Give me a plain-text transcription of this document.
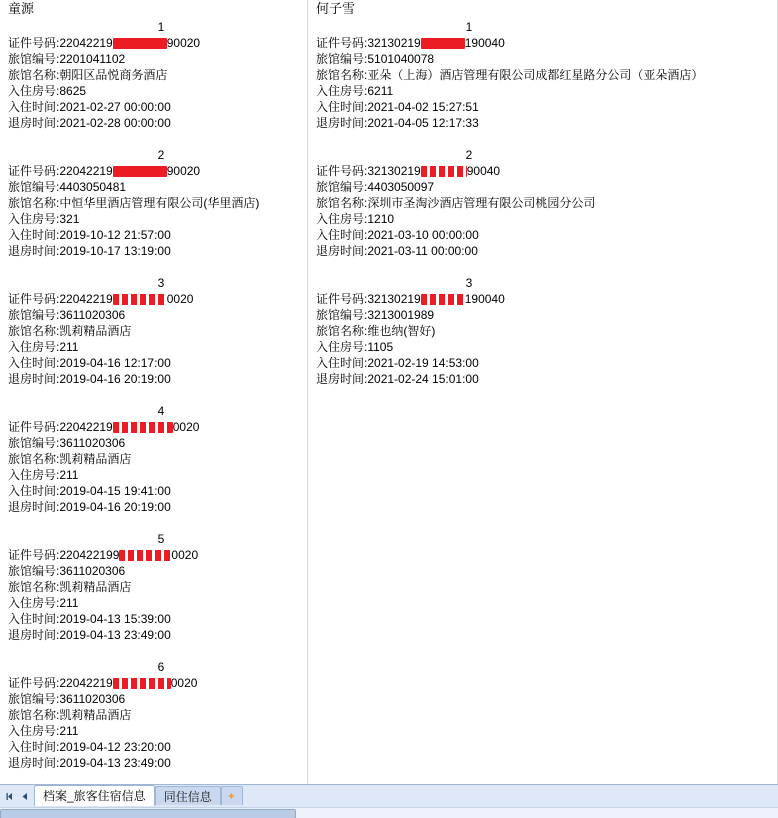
童源
1
证件号码:22042219	90020
旅馆编号:2201041102
旅馆名称:朝阳区品悦商务酒店
入住房号:8625
入住时间:2021-02-27 00:00:00
退房时间:2021-02-28 00:00:00
2
证件号码:22042219	90020
旅馆编号:4403050481
旅馆名称:中恒华里酒店管理有限公司(华里酒店)
入住房号:321
入住时间:2019-10-12 21:57:00
退房时间:2019-10-17 13:19:00
3
证件号码:22042219	0020
旅馆编号:3611020306
旅馆名称:凯莉精品酒店
入住房号:211
入住时间:2019-04-16 12:17:00
退房时间:2019-04-16 20:19:00
4
证件号码:22042219	0020
旅馆编号:3611020306
旅馆名称:凯莉精品酒店
入住房号:211
入住时间:2019-04-15 19:41:00
退房时间:2019-04-16 20:19:00
5
证件号码:220422199	0020
旅馆编号:3611020306
旅馆名称:凯莉精品酒店
入住房号:211
入住时间:2019-04-13 15:39:00
退房时间:2019-04-13 23:49:00
6
证件号码:22042219	0020
旅馆编号:3611020306
旅馆名称:凯莉精品酒店
入住房号:211
入住时间:2019-04-12 23:20:00
退房时间:2019-04-13 23:49:00
何子雪
1
证件号码:32130219	190040
旅馆编号:5101040078
旅馆名称:亚朵（上海）酒店管理有限公司成都红星路分公司（亚朵酒店）
入住房号:6211
入住时间:2021-04-02 15:27:51
退房时间:2021-04-05 12:17:33
2
证件号码:32130219	90040
旅馆编号:4403050097
旅馆名称:深圳市圣淘沙酒店管理有限公司桃园分公司
入住房号:1210
入住时间:2021-03-10 00:00:00
退房时间:2021-03-11 00:00:00
3
证件号码:32130219	190040
旅馆编号:3213001989
旅馆名称:维也纳(智好)
入住房号:1105
入住时间:2021-02-19 14:53:00
退房时间:2021-02-24 15:01:00
档案_旅客住宿信息	同住信息	✦
